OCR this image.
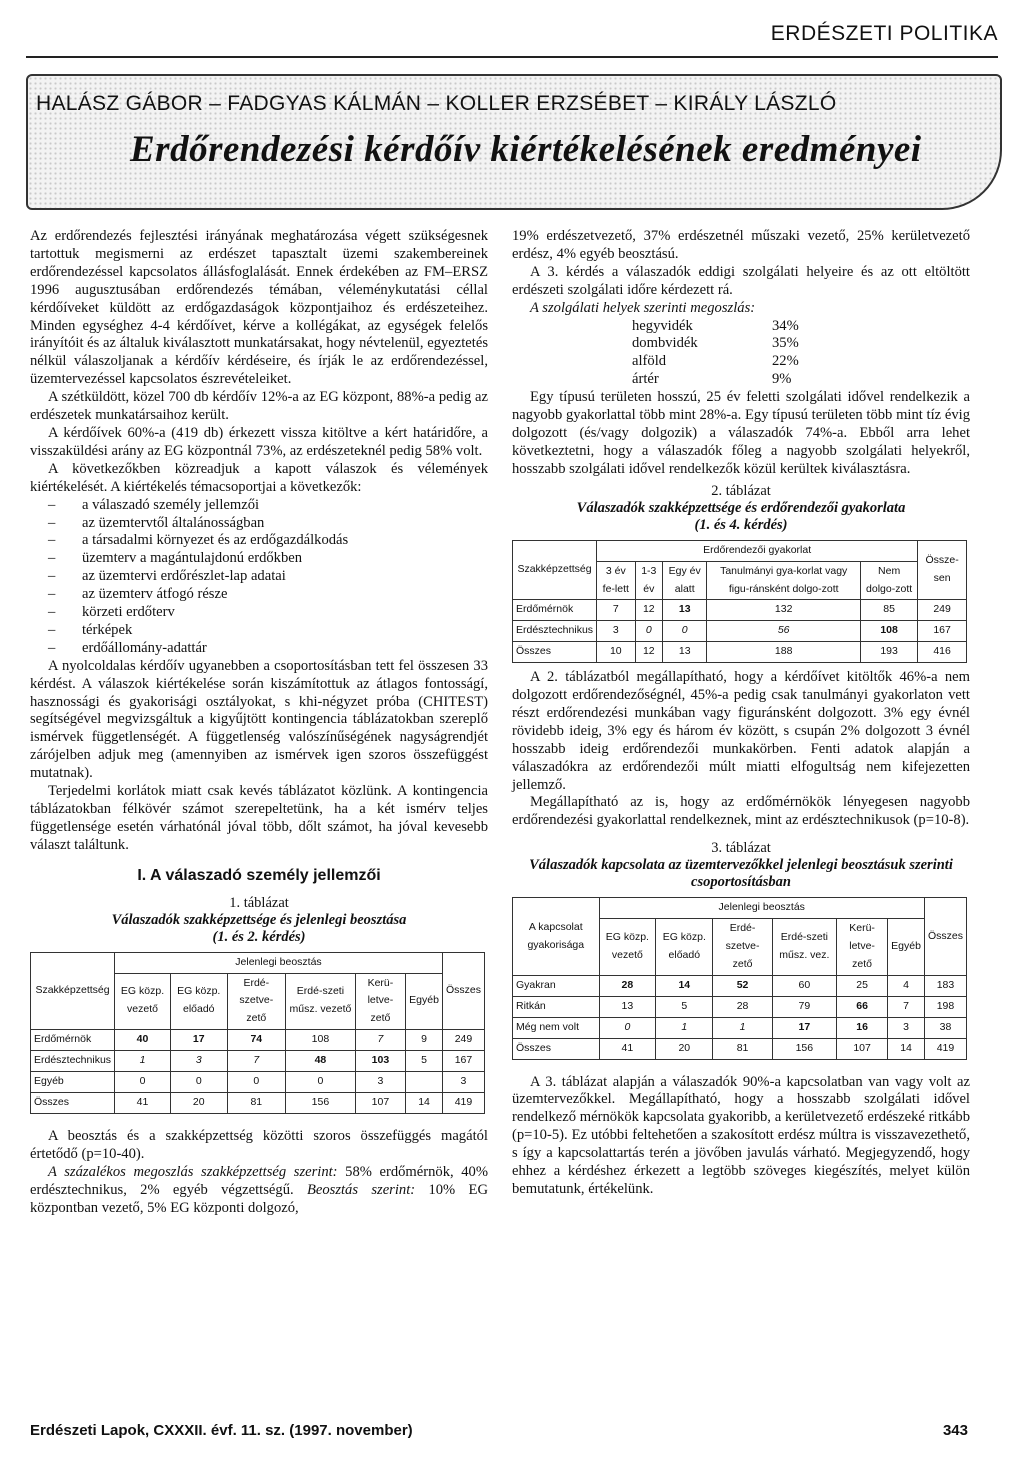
ERDÉSZETI POLITIKA
HALÁSZ GÁBOR – FADGYAS KÁLMÁN – KOLLER ERZSÉBET – KIRÁLY LÁSZLÓ
Erdőrendezési kérdőív kiértékelésének eredményei

Az erdőrendezés fejlesztési irányának meghatározása végett szükségesnek tartottuk megismerni az erdészet tapasztalt üzemi szakembereinek erdőrendezéssel kapcsolatos állásfoglalását. Ennek érdekében az FM–ERSZ 1996 augusztusában erdőrendezés témában, véleménykutatási céllal kérdőíveket küldött az erdőgazdaságok központjaihoz és erdészeteihez. Minden egységhez 4-4 kérdőívet, kérve a kollégákat, az egységek felelős irányítóit és az általuk kiválasztott munkatársakat, hogy névtelenül, egyeztetés nélkül válaszoljanak a kérdőív kérdéseire, és írják le az erdőrendezéssel, üzemtervezéssel kapcsolatos észrevételeiket.

A szétküldött, közel 700 db kérdőív 12%-a az EG központ, 88%-a pedig az erdészetek munkatársaihoz került.

A kérdőívek 60%-a (419 db) érkezett vissza kitöltve a kért határidőre, a visszaküldési arány az EG központnál 73%, az erdészeteknél pedig 58% volt.

A következőkben közreadjuk a kapott válaszok és vélemények kiértékelését. A kiértékelés témacsoportjai a következők:

– a válaszadó személy jellemzői
– az üzemtervtől általánosságban
– a társadalmi környezet és az erdőgazdálkodás
– üzemterv a magántulajdonú erdőkben
– az üzemtervi erdőrészlet-lap adatai
– az üzemterv átfogó része
– körzeti erdőterv
– térképek
– erdőállomány-adattár

A nyolcoldalas kérdőív ugyanebben a csoportosításban tett fel összesen 33 kérdést. A válaszok kiértékelése során kiszámítottuk az átlagos fontosságí, hasznossági és gyakorisági osztályokat, s khi-négyzet próba (CHITEST) segítségével megvizsgáltuk a kigyűjtött kontingencia táblázatokban szereplő ismérvek függetlenségét. A függetlenség valószínűségének nagyságrendjét zárójelben adjuk meg (amennyiben az ismérvek igen szoros összefüggést mutatnak).

Terjedelmi korlátok miatt csak kevés táblázatot közlünk. A kontingencia táblázatokban félkövér számot szerepeltetünk, ha a két ismérv teljes függetlensége esetén várhatónál jóval több, dőlt számot, ha jóval kevesebb választ találtunk.

I. A válaszadó személy jellemzői
1. táblázat
Válaszadók szakképzettsége és jelenlegi beosztása
(1. és 2. kérdés)
Szakképzettség	Jelenlegi beosztás						Összes
	EG közp. vezető	EG közp. előadó	Erdé-szetve-zető	Erdé-szeti műsz. vezető	Kerü-letve-zető	Egyéb	
Erdőmérnök	40	17	74	108	7	9	249
Erdésztechnikus	1	3	7	48	103	5	167
Egyéb	0	0	0	0	3		3
Összes	41	20	81	156	107	14	419

A beosztás és a szakképzettség közötti szoros összefüggés magától értetődő (p=10-40).

A százalékos megoszlás szakképzettség szerint: 58% erdőmérnök, 40% erdésztechnikus, 2% egyéb végzettségű. Beosztás szerint: 10% EG központban vezető, 5% EG központi dolgozó,

19% erdészetvezető, 37% erdészetnél műszaki vezető, 25% kerületvezető erdész, 4% egyéb beosztású.

A 3. kérdés a válaszadók eddigi szolgálati helyeire és az ott eltöltött erdészeti szolgálati időre kérdezett rá.

A szolgálati helyek szerinti megoszlás:

hegyvidék	34%
dombvidék	35%
alföld	22%
ártér	9%

Egy típusú területen hosszú, 25 év feletti szolgálati idővel rendelkezik a nagyobb gyakorlattal több mint 28%-a. Egy típusú területen több mint tíz évig dolgozott (és/vagy dolgozik) a válaszadók 74%-a. Ebből arra lehet következtetni, hogy a válaszadók főleg a nagyobb szolgálati helyekről, hosszabb szolgálati idővel rendelkezők közül kerültek kiválasztásra.

2. táblázat
Válaszadók szakképzettsége és erdőrendezői gyakorlata
(1. és 4. kérdés)
Szakképzettség	Erdőrendezői gyakorlat					Össze-sen
	3 év fe-lett	1-3 év	Egy év alatt	Tanulmányi gya-korlat vagy figu-ránsként dolgo-zott	Nem dolgo-zott	
Erdőmérnök	7	12	13	132	85	249
Erdésztechnikus	3	0	0	56	108	167
Összes	10	12	13	188	193	416

A 2. táblázatból megállapítható, hogy a kérdőívet kitöltők 46%-a nem dolgozott erdőrendezőségnél, 45%-a pedig csak tanulmányi gyakorlaton vett részt erdőrendezési munkában vagy figuránsként dolgozott. 3% egy évnél rövidebb ideig, 3% egy és három év között, s csupán 2% dolgozott 3 évnél hosszabb ideig erdőrendezői munkakörben. Fenti adatok alapján a válaszadókra az erdőrendezői múlt miatti elfogultság nem kifejezetten jellemző.

Megállapítható az is, hogy az erdőmérnökök lényegesen nagyobb erdőrendezési gyakorlattal rendelkeznek, mint az erdésztechnikusok (p=10-8).

3. táblázat
Válaszadók kapcsolata az üzemtervezőkkel jelenlegi beosztásuk szerinti csoportosításban
A kapcsolat gyakorisága	Jelenlegi beosztás						Összes
	EG közp. vezető	EG közp. előadó	Erdé-szetve-zető	Erdé-szeti műsz. vez.	Kerü-letve-zető	Egyéb	
Gyakran	28	14	52	60	25	4	183
Ritkán	13	5	28	79	66	7	198
Még nem volt	0	1	1	17	16	3	38
Összes	41	20	81	156	107	14	419

A 3. táblázat alapján a válaszadók 90%-a kapcsolatban van vagy volt az üzemtervezőkkel. Megállapítható, hogy a hosszabb szolgálati idővel rendelkező mérnökök kapcsolata gyakoribb, a kerületvezető erdészeké ritkább (p=10-5). Ez utóbbi feltehetően a szakosított erdész múltra is visszavezethető, s így a kapcsolattartás terén a jövőben javulás várható. Megjegyzendő, hogy ehhez a kérdéshez érkezett a legtöbb szöveges kiegészítés, melyet külön bemutatunk, értékelünk.

Erdészeti Lapok, CXXXII. évf. 11. sz. (1997. november)	343
